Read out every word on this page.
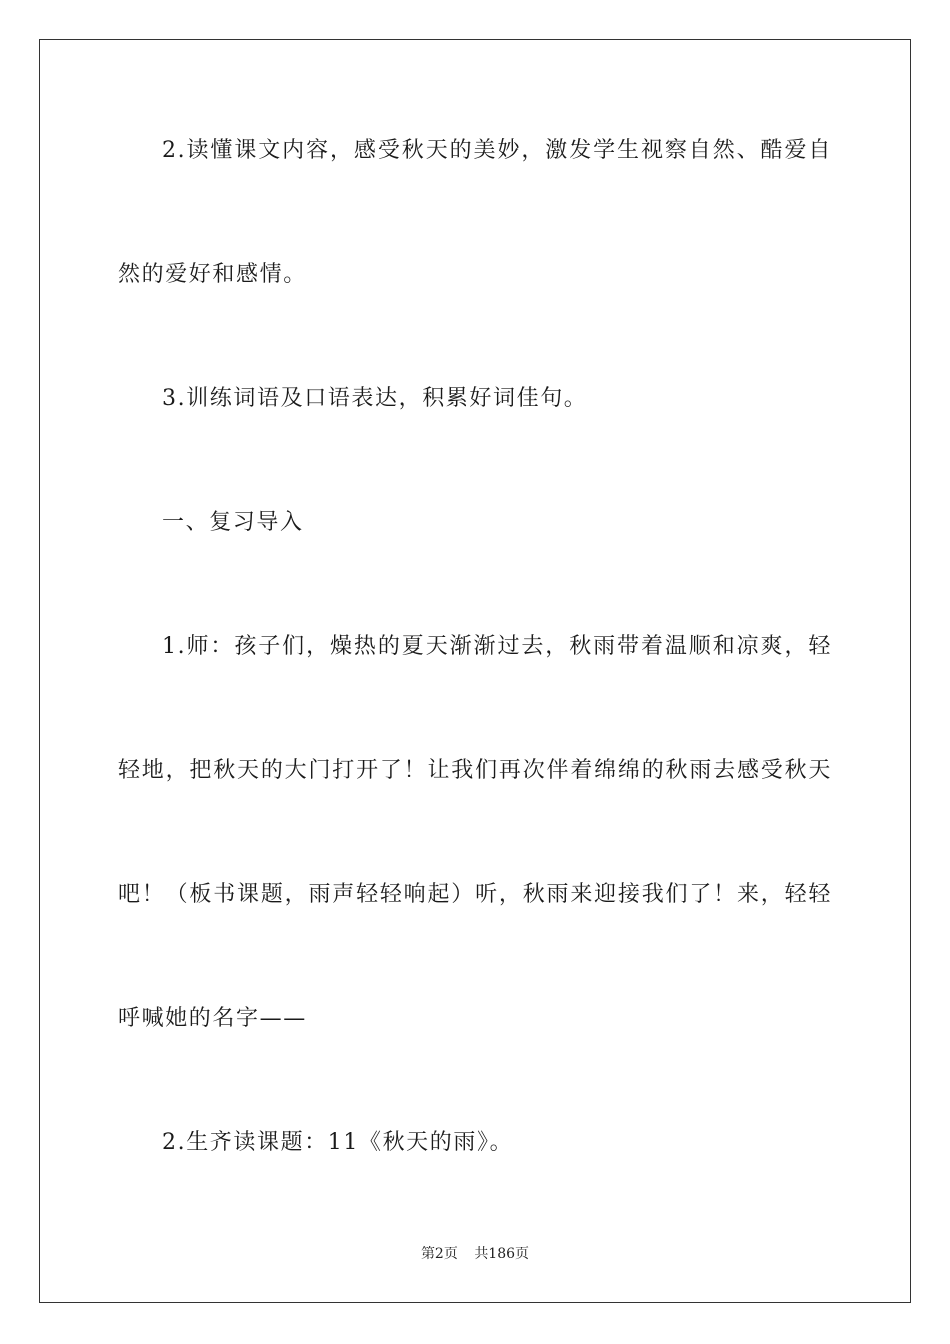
2.读懂课文内容，感受秋天的美妙，激发学生视察自然、酷爱自
然的爱好和感情。
3.训练词语及口语表达，积累好词佳句。
一、复习导入
1.师：孩子们，燥热的夏天渐渐过去，秋雨带着温顺和凉爽，轻
轻地，把秋天的大门打开了！让我们再次伴着绵绵的秋雨去感受秋天
吧！（板书课题，雨声轻轻响起）听，秋雨来迎接我们了！来，轻轻
呼喊她的名字——
2.生齐读课题：11《秋天的雨》。
第2页 共186页
